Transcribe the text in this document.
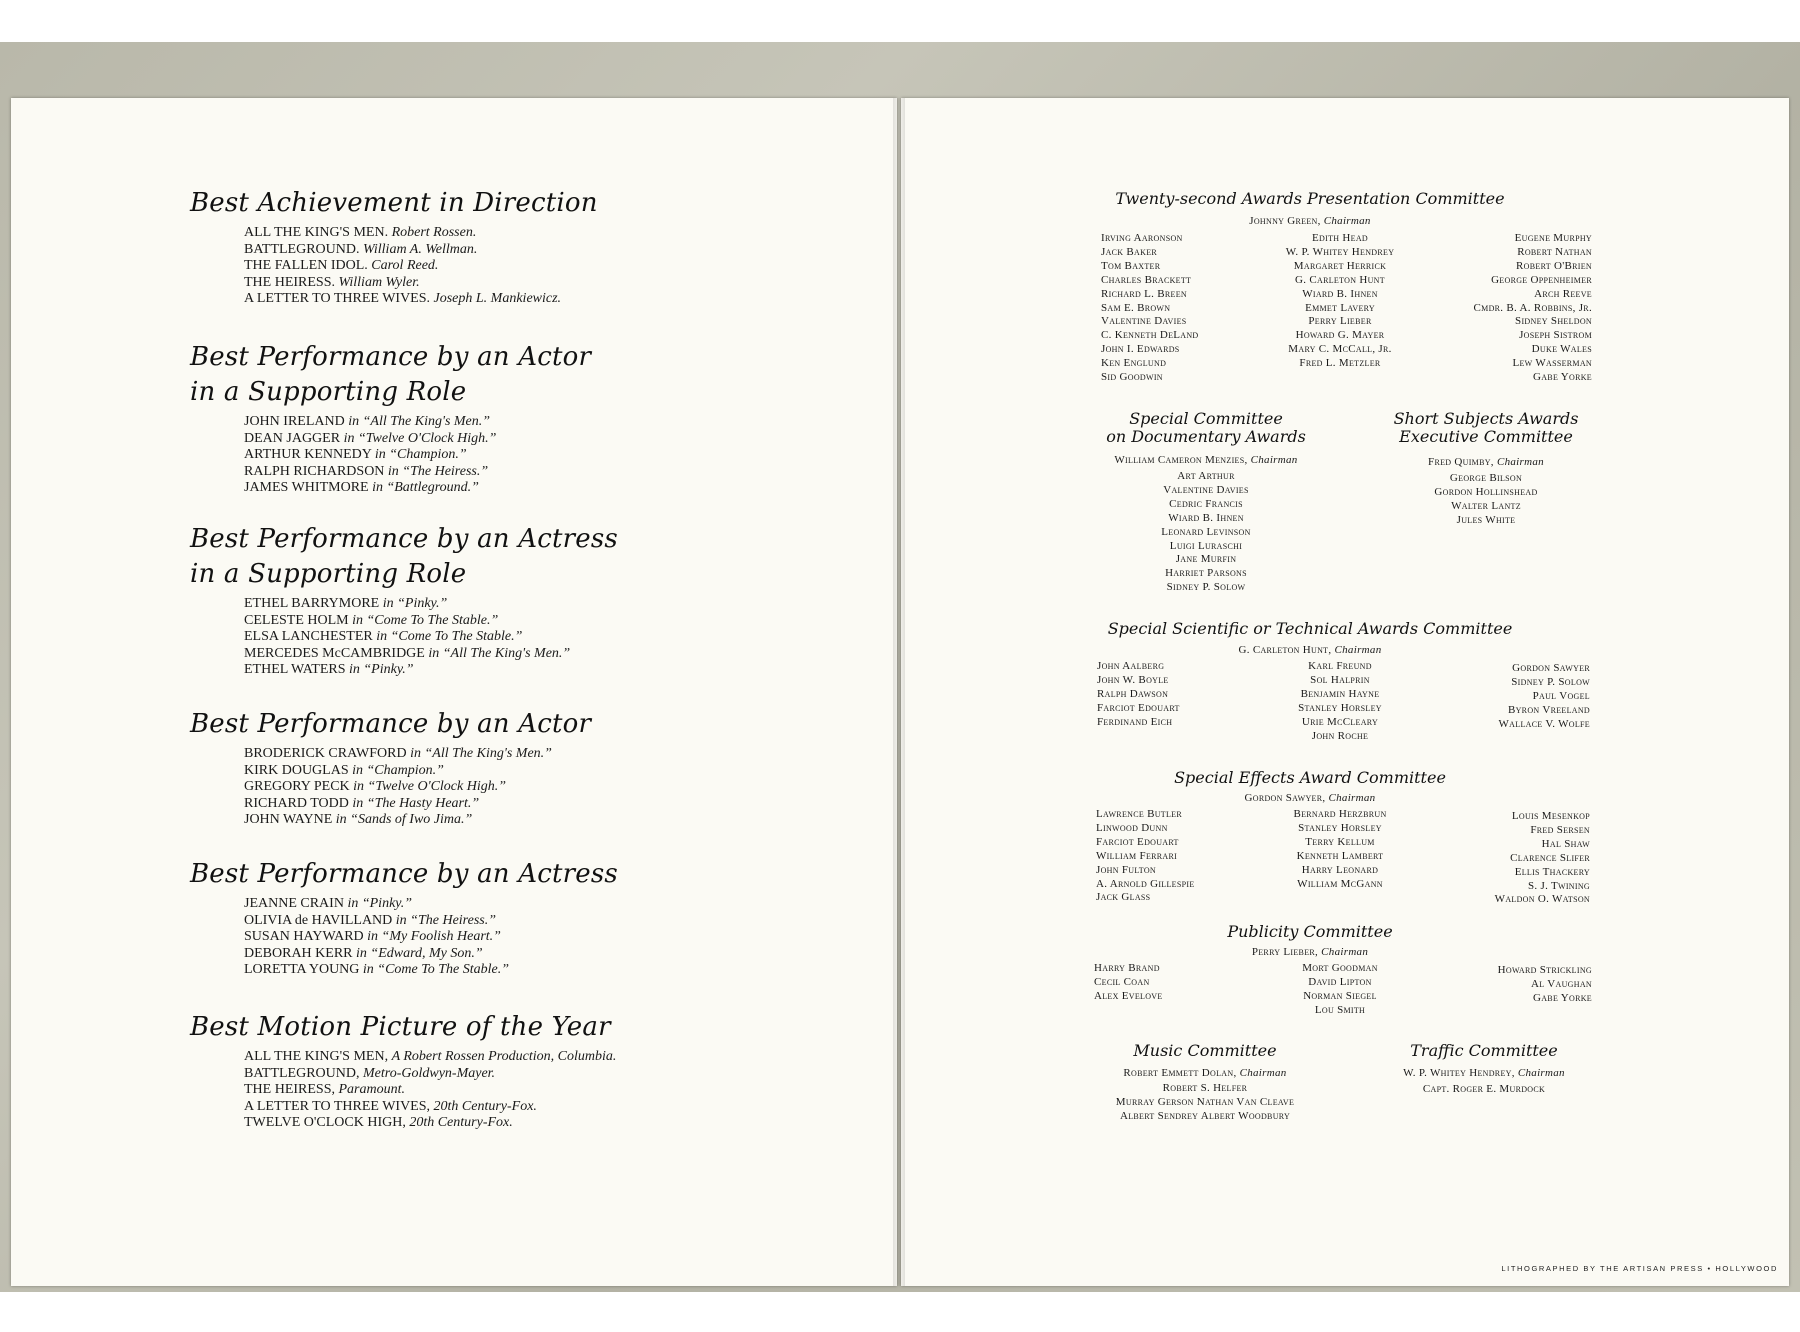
Best Achievement in Direction
ALL THE KING'S MEN. Robert Rossen.
BATTLEGROUND. William A. Wellman.
THE FALLEN IDOL. Carol Reed.
THE HEIRESS. William Wyler.
A LETTER TO THREE WIVES. Joseph L. Mankiewicz.
Best Performance by an Actor
in a Supporting Role
JOHN IRELAND in “All The King's Men.”
DEAN JAGGER in “Twelve O'Clock High.”
ARTHUR KENNEDY in “Champion.”
RALPH RICHARDSON in “The Heiress.”
JAMES WHITMORE in “Battleground.”
Best Performance by an Actress
in a Supporting Role
ETHEL BARRYMORE in “Pinky.”
CELESTE HOLM in “Come To The Stable.”
ELSA LANCHESTER in “Come To The Stable.”
MERCEDES McCAMBRIDGE in “All The King's Men.”
ETHEL WATERS in “Pinky.”
Best Performance by an Actor
BRODERICK CRAWFORD in “All The King's Men.”
KIRK DOUGLAS in “Champion.”
GREGORY PECK in “Twelve O'Clock High.”
RICHARD TODD in “The Hasty Heart.”
JOHN WAYNE in “Sands of Iwo Jima.”
Best Performance by an Actress
JEANNE CRAIN in “Pinky.”
OLIVIA de HAVILLAND in “The Heiress.”
SUSAN HAYWARD in “My Foolish Heart.”
DEBORAH KERR in “Edward, My Son.”
LORETTA YOUNG in “Come To The Stable.”
Best Motion Picture of the Year
ALL THE KING'S MEN, A Robert Rossen Production, Columbia.
BATTLEGROUND, Metro-Goldwyn-Mayer.
THE HEIRESS, Paramount.
A LETTER TO THREE WIVES, 20th Century-Fox.
TWELVE O'CLOCK HIGH, 20th Century-Fox.
Twenty-second Awards Presentation Committee
Johnny Green, Chairman
Irving Aaronson
Jack Baker
Tom Baxter
Charles Brackett
Richard L. Breen
Sam E. Brown
Valentine Davies
C. Kenneth DeLand
John I. Edwards
Ken Englund
Sid Goodwin
Edith Head
W. P. Whitey Hendrey
Margaret Herrick
G. Carleton Hunt
Wiard B. Ihnen
Emmet Lavery
Perry Lieber
Howard G. Mayer
Mary C. McCall, Jr.
Fred L. Metzler
Eugene Murphy
Robert Nathan
Robert O'Brien
George Oppenheimer
Arch Reeve
Cmdr. B. A. Robbins, Jr.
Sidney Sheldon
Joseph Sistrom
Duke Wales
Lew Wasserman
Gabe Yorke
Special Committee
on Documentary Awards
William Cameron Menzies, Chairman
Art Arthur
Valentine Davies
Cedric Francis
Wiard B. Ihnen
Leonard Levinson
Luigi Luraschi
Jane Murfin
Harriet Parsons
Sidney P. Solow
Short Subjects Awards
Executive Committee
Fred Quimby, Chairman
George Bilson
Gordon Hollinshead
Walter Lantz
Jules White
Special Scientific or Technical Awards Committee
G. Carleton Hunt, Chairman
John Aalberg
John W. Boyle
Ralph Dawson
Farciot Edouart
Ferdinand Eich
Karl Freund
Sol Halprin
Benjamin Hayne
Stanley Horsley
Urie McCleary
John Roche
Gordon Sawyer
Sidney P. Solow
Paul Vogel
Byron Vreeland
Wallace V. Wolfe
Special Effects Award Committee
Gordon Sawyer, Chairman
Lawrence Butler
Linwood Dunn
Farciot Edouart
William Ferrari
John Fulton
A. Arnold Gillespie
Jack Glass
Bernard Herzbrun
Stanley Horsley
Terry Kellum
Kenneth Lambert
Harry Leonard
William McGann
Louis Mesenkop
Fred Sersen
Hal Shaw
Clarence Slifer
Ellis Thackery
S. J. Twining
Waldon O. Watson
Publicity Committee
Perry Lieber, Chairman
Harry Brand
Cecil Coan
Alex Evelove
Mort Goodman
David Lipton
Norman Siegel
Lou Smith
Howard Strickling
Al Vaughan
Gabe Yorke
Music Committee
Robert Emmett Dolan, Chairman
Robert S. Helfer
Murray Gerson Nathan Van Cleave
Albert Sendrey Albert Woodbury
Traffic Committee
W. P. Whitey Hendrey, Chairman
Capt. Roger E. Murdock
LITHOGRAPHED BY THE ARTISAN PRESS • HOLLYWOOD
